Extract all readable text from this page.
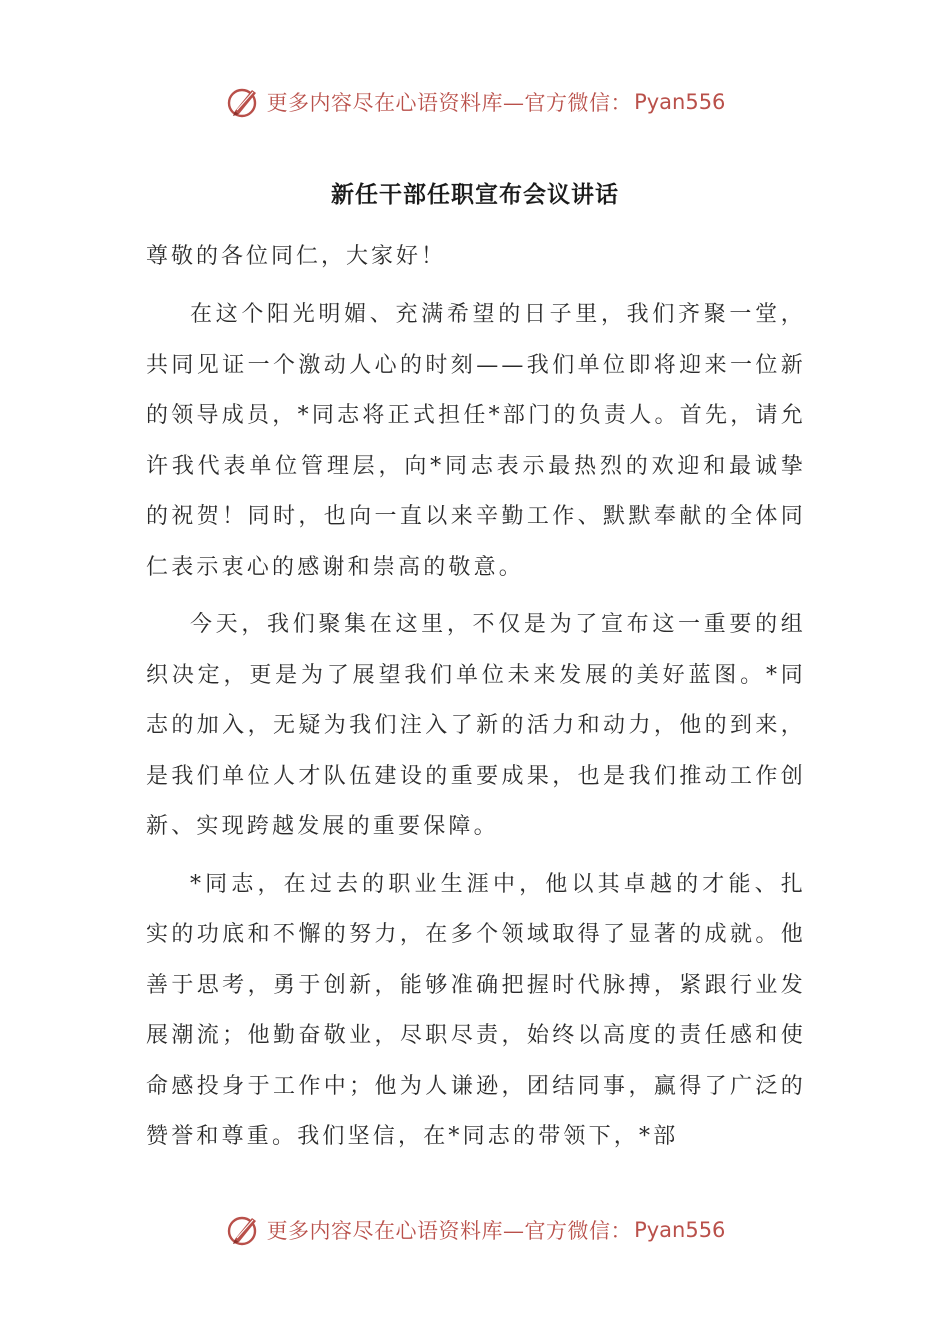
更多内容尽在心语资料库—官方微信： Pyan556
新任干部任职宣布会议讲话

尊敬的各位同仁，大家好！

在这个阳光明媚、充满希望的日子里，我们齐聚一堂，共同见证一个激动人心的时刻——我们单位即将迎来一位新的领导成员，*同志将正式担任*部门的负责人。首先，请允许我代表单位管理层，向*同志表示最热烈的欢迎和最诚挚的祝贺！同时，也向一直以来辛勤工作、默默奉献的全体同仁表示衷心的感谢和崇高的敬意。

今天，我们聚集在这里，不仅是为了宣布这一重要的组织决定，更是为了展望我们单位未来发展的美好蓝图。*同志的加入，无疑为我们注入了新的活力和动力，他的到来，是我们单位人才队伍建设的重要成果，也是我们推动工作创新、实现跨越发展的重要保障。

*同志，在过去的职业生涯中，他以其卓越的才能、扎实的功底和不懈的努力，在多个领域取得了显著的成就。他善于思考，勇于创新，能够准确把握时代脉搏，紧跟行业发展潮流；他勤奋敬业，尽职尽责，始终以高度的责任感和使命感投身于工作中；他为人谦逊，团结同事，赢得了广泛的赞誉和尊重。我们坚信，在*同志的带领下，*部

更多内容尽在心语资料库—官方微信： Pyan556
